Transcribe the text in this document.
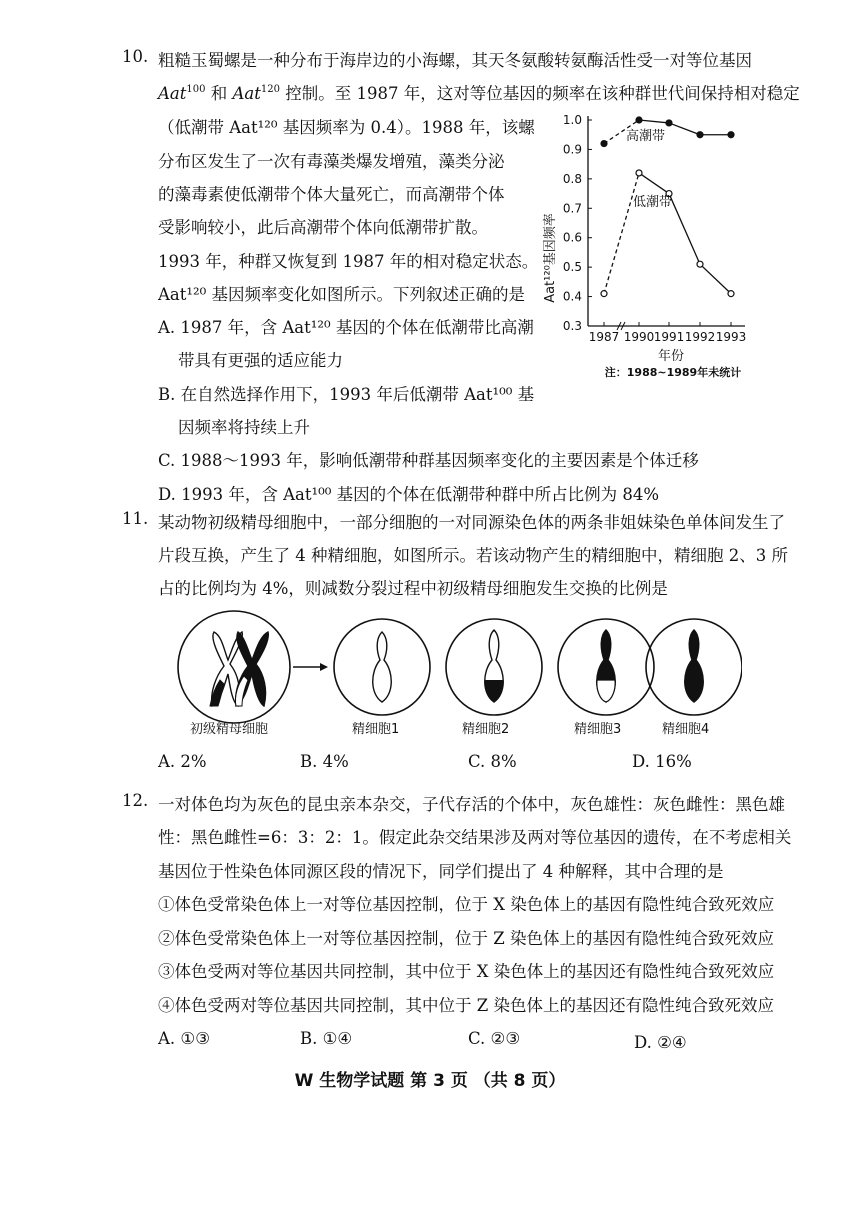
10. 粗糙玉蜀螺是一种分布于海岸边的小海螺，其天冬氨酸转氨酶活性受一对等位基因
Aat$^{100}$ 和 Aat$^{120}$ 控制。至 1987 年，这对等位基因的频率在该种群世代间保持相对稳定
（低潮带 Aat¹²⁰ 基因频率为 0.4）。1988 年，该螺
分布区发生了一次有毒藻类爆发增殖，藻类分泌
的藻毒素使低潮带个体大量死亡，而高潮带个体
受影响较小，此后高潮带个体向低潮带扩散。
1993 年，种群又恢复到 1987 年的相对稳定状态。
Aat¹²⁰ 基因频率变化如图所示。下列叙述正确的是
A. 1987 年，含 Aat¹²⁰ 基因的个体在低潮带比高潮
带具有更强的适应能力
B. 在自然选择作用下，1993 年后低潮带 Aat¹⁰⁰ 基
因频率将持续上升
C. 1988～1993 年，影响低潮带种群基因频率变化的主要因素是个体迁移
D. 1993 年，含 Aat¹⁰⁰ 基因的个体在低潮带种群中所占比例为 84%
0.3
0.4
0.5
0.6
0.7
0.8
0.9
1.0
1987 1990 1991 1992 1993
高潮带
低潮带
Aat¹²⁰基因频率
年份
注：1988~1989年未统计
11. 某动物初级精母细胞中，一部分细胞的一对同源染色体的两条非姐妹染色单体间发生了
片段互换，产生了 4 种精细胞，如图所示。若该动物产生的精细胞中，精细胞 2、3 所
占的比例均为 4%，则减数分裂过程中初级精母细胞发生交换的比例是
初级精母细胞	精细胞1	精细胞2	精细胞3	精细胞4
A. 2%	B. 4%	C. 8%	D. 16%
12. 一对体色均为灰色的昆虫亲本杂交，子代存活的个体中，灰色雄性：灰色雌性：黑色雄
性：黑色雌性=6：3：2：1。假定此杂交结果涉及两对等位基因的遗传，在不考虑相关
基因位于性染色体同源区段的情况下，同学们提出了 4 种解释，其中合理的是
①体色受常染色体上一对等位基因控制，位于 X 染色体上的基因有隐性纯合致死效应
②体色受常染色体上一对等位基因控制，位于 Z 染色体上的基因有隐性纯合致死效应
③体色受两对等位基因共同控制，其中位于 X 染色体上的基因还有隐性纯合致死效应
④体色受两对等位基因共同控制，其中位于 Z 染色体上的基因还有隐性纯合致死效应
A. ①③	B. ①④	C. ②③	D. ②④
W 生物学试题 第 3 页 （共 8 页）
